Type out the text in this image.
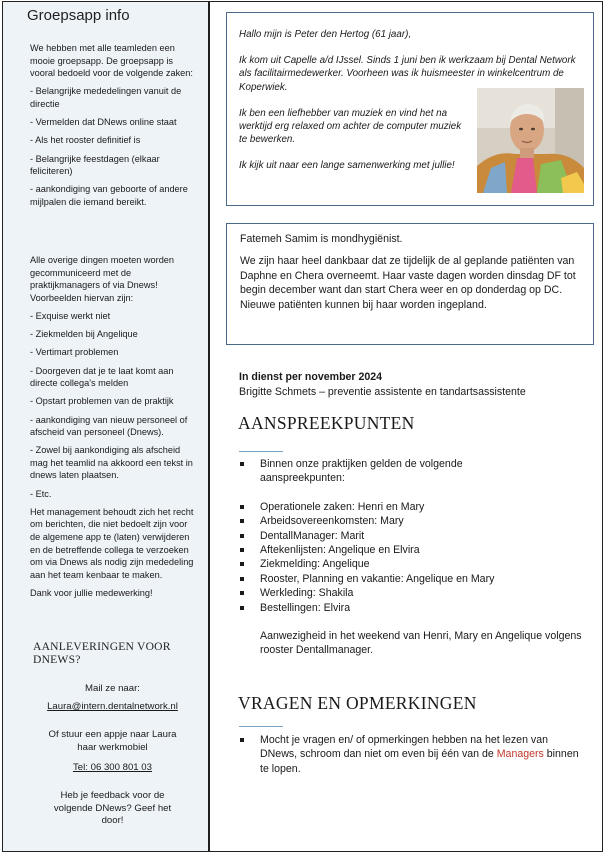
Groepsapp info

We hebben met alle teamleden een mooie groepsapp. De groepsapp is vooral bedoeld voor de volgende zaken:

- Belangrijke mededelingen vanuit de directie

- Vermelden dat DNews online staat

- Als het rooster definitief is

- Belangrijke feestdagen (elkaar feliciteren)

- aankondiging van geboorte of andere mijlpalen die iemand bereikt.

Alle overige dingen moeten worden gecommuniceerd met de praktijkmanagers of via Dnews! Voorbeelden hiervan zijn:

- Exquise werkt niet

- Ziekmelden bij Angelique

- Vertimart problemen

- Doorgeven dat je te laat komt aan directe collega's melden

- Opstart problemen van de praktijk

- aankondiging van nieuw personeel of afscheid van personeel (Dnews).

- Zowel bij aankondiging als afscheid mag het teamlid na akkoord een tekst in dnews laten plaatsen.

- Etc.

Het management behoudt zich het recht om berichten, die niet bedoelt zijn voor de algemene app te (laten) verwijderen en de betreffende collega te verzoeken om via Dnews als nodig zijn mededeling aan het team kenbaar te maken.

Dank voor jullie medewerking!

AANLEVERINGEN VOOR DNEWS?
Mail ze naar:
Laura@intern.dentalnetwork.nl
Of stuur een appje naar Laura haar werkmobiel
Tel: 06 300 801 03
Heb je feedback voor de volgende DNews? Geef het door!

Hallo mijn is Peter den Hertog (61 jaar),

Ik kom uit Capelle a/d IJssel. Sinds 1 juni ben ik werkzaam bij Dental Network als facilitairmedewerker. Voorheen was ik huismeester in winkelcentrum de Koperwiek.

Ik ben een liefhebber van muziek en vind het na werktijd erg relaxed om achter de computer muziek te bewerken.

Ik kijk uit naar een lange samenwerking met jullie!

Fatemeh Samim is mondhygiënist.

We zijn haar heel dankbaar dat ze tijdelijk de al geplande patiënten van Daphne en Chera overneemt. Haar vaste dagen worden dinsdag DF tot begin december want dan start Chera weer en op donderdag op DC. Nieuwe patiënten kunnen bij haar worden ingepland.

In dienst per november 2024
Brigitte Schmets – preventie assistente en tandartsassistente
AANSPREEKPUNTEN
Binnen onze praktijken gelden de volgende aanspreekpunten:
Operationele zaken: Henri en Mary
Arbeidsovereenkomsten: Mary
DentallManager: Marit
Aftekenlijsten: Angelique en Elvira
Ziekmelding: Angelique
Rooster, Planning en vakantie: Angelique en Mary
Werkleding: Shakila
Bestellingen: Elvira
Aanwezigheid in het weekend van Henri, Mary en Angelique volgens rooster Dentallmanager.
VRAGEN EN OPMERKINGEN
Mocht je vragen en/ of opmerkingen hebben na het lezen van DNews, schroom dan niet om even bij één van de Managers binnen te lopen.
